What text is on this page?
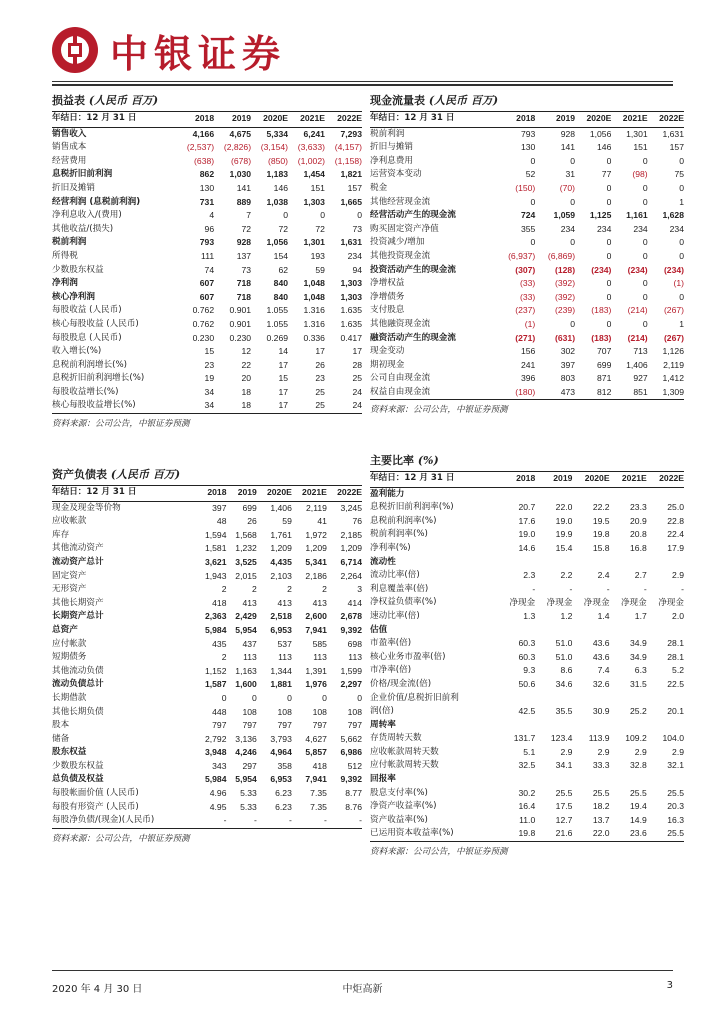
中银证券
损益表 (人民币 百万)
年结日：12 月 31 日	2018	2019	2020E	2021E	2022E
销售收入	4,166	4,675	5,334	6,241	7,293
销售成本	(2,537)	(2,826)	(3,154)	(3,633)	(4,157)
经营费用	(638)	(678)	(850)	(1,002)	(1,158)
息税折旧前利润	862	1,030	1,183	1,454	1,821
折旧及摊销	130	141	146	151	157
经营利润 (息税前利润)	731	889	1,038	1,303	1,665
净利息收入/(费用)	4	7	0	0	0
其他收益/(损失)	96	72	72	72	73
税前利润	793	928	1,056	1,301	1,631
所得税	111	137	154	193	234
少数股东权益	74	73	62	59	94
净利润	607	718	840	1,048	1,303
核心净利润	607	718	840	1,048	1,303
每股收益 (人民币)	0.762	0.901	1.055	1.316	1.635
核心每股收益 (人民币)	0.762	0.901	1.055	1.316	1.635
每股股息 (人民币)	0.230	0.230	0.269	0.336	0.417
收入增长(%)	15	12	14	17	17
息税前利润增长(%)	23	22	17	26	28
息税折旧前利润增长(%)	19	20	15	23	25
每股收益增长(%)	34	18	17	25	24
核心每股收益增长(%)	34	18	17	25	24
资料来源：公司公告，中银证券预测
现金流量表 (人民币 百万)
年结日：12 月 31 日	2018	2019	2020E	2021E	2022E
税前利润	793	928	1,056	1,301	1,631
折旧与摊销	130	141	146	151	157
净利息费用	0	0	0	0	0
运营资本变动	52	31	77	(98)	75
税金	(150)	(70)	0	0	0
其他经营现金流	0	0	0	0	1
经营活动产生的现金流	724	1,059	1,125	1,161	1,628
购买固定资产净值	355	234	234	234	234
投资减少/增加	0	0	0	0	0
其他投资现金流	(6,937)	(6,869)	0	0	0
投资活动产生的现金流	(307)	(128)	(234)	(234)	(234)
净增权益	(33)	(392)	0	0	(1)
净增债务	(33)	(392)	0	0	0
支付股息	(237)	(239)	(183)	(214)	(267)
其他融资现金流	(1)	0	0	0	1
融资活动产生的现金流	(271)	(631)	(183)	(214)	(267)
现金变动	156	302	707	713	1,126
期初现金	241	397	699	1,406	2,119
公司自由现金流	396	803	871	927	1,412
权益自由现金流	(180)	473	812	851	1,309
资料来源：公司公告，中银证券预测
资产负债表 (人民币 百万)
年结日：12 月 31 日	2018	2019	2020E	2021E	2022E
现金及现金等价物	397	699	1,406	2,119	3,245
应收帐款	48	26	59	41	76
库存	1,594	1,568	1,761	1,972	2,185
其他流动资产	1,581	1,232	1,209	1,209	1,209
流动资产总计	3,621	3,525	4,435	5,341	6,714
固定资产	1,943	2,015	2,103	2,186	2,264
无形资产	2	2	2	2	3
其他长期资产	418	413	413	413	414
长期资产总计	2,363	2,429	2,518	2,600	2,678
总资产	5,984	5,954	6,953	7,941	9,392
应付帐款	435	437	537	585	698
短期债务	2	113	113	113	113
其他流动负债	1,152	1,163	1,344	1,391	1,599
流动负债总计	1,587	1,600	1,881	1,976	2,297
长期借款	0	0	0	0	0
其他长期负债	448	108	108	108	108
股本	797	797	797	797	797
储备	2,792	3,136	3,793	4,627	5,662
股东权益	3,948	4,246	4,964	5,857	6,986
少数股东权益	343	297	358	418	512
总负债及权益	5,984	5,954	6,953	7,941	9,392
每股帐面价值 (人民币)	4.96	5.33	6.23	7.35	8.77
每股有形资产 (人民币)	4.95	5.33	6.23	7.35	8.76
每股净负债/(现金)(人民币)	-	-	-	-	-
资料来源：公司公告，中银证券预测
主要比率 (%)
年结日：12 月 31 日	2018	2019	2020E	2021E	2022E
盈利能力					
息税折旧前利润率(%)	20.7	22.0	22.2	23.3	25.0
息税前利润率(%)	17.6	19.0	19.5	20.9	22.8
税前利润率(%)	19.0	19.9	19.8	20.8	22.4
净利率(%)	14.6	15.4	15.8	16.8	17.9
流动性					
流动比率(倍)	2.3	2.2	2.4	2.7	2.9
利息覆盖率(倍)	-	-	-	-	-
净权益负债率(%)	净现金	净现金	净现金	净现金	净现金
速动比率(倍)	1.3	1.2	1.4	1.7	2.0
估值					
市盈率(倍)	60.3	51.0	43.6	34.9	28.1
核心业务市盈率(倍)	60.3	51.0	43.6	34.9	28.1
市净率(倍)	9.3	8.6	7.4	6.3	5.2
价格/现金流(倍)	50.6	34.6	32.6	31.5	22.5
企业价值/息税折旧前利					
润(倍)	42.5	35.5	30.9	25.2	20.1
周转率					
存货周转天数	131.7	123.4	113.9	109.2	104.0
应收帐款周转天数	5.1	2.9	2.9	2.9	2.9
应付帐款周转天数	32.5	34.1	33.3	32.8	32.1
回报率					
股息支付率(%)	30.2	25.5	25.5	25.5	25.5
净资产收益率(%)	16.4	17.5	18.2	19.4	20.3
资产收益率(%)	11.0	12.7	13.7	14.9	16.3
已运用资本收益率(%)	19.8	21.6	22.0	23.6	25.5
资料来源：公司公告，中银证券预测
2020 年 4 月 30 日	中炬高新	3
